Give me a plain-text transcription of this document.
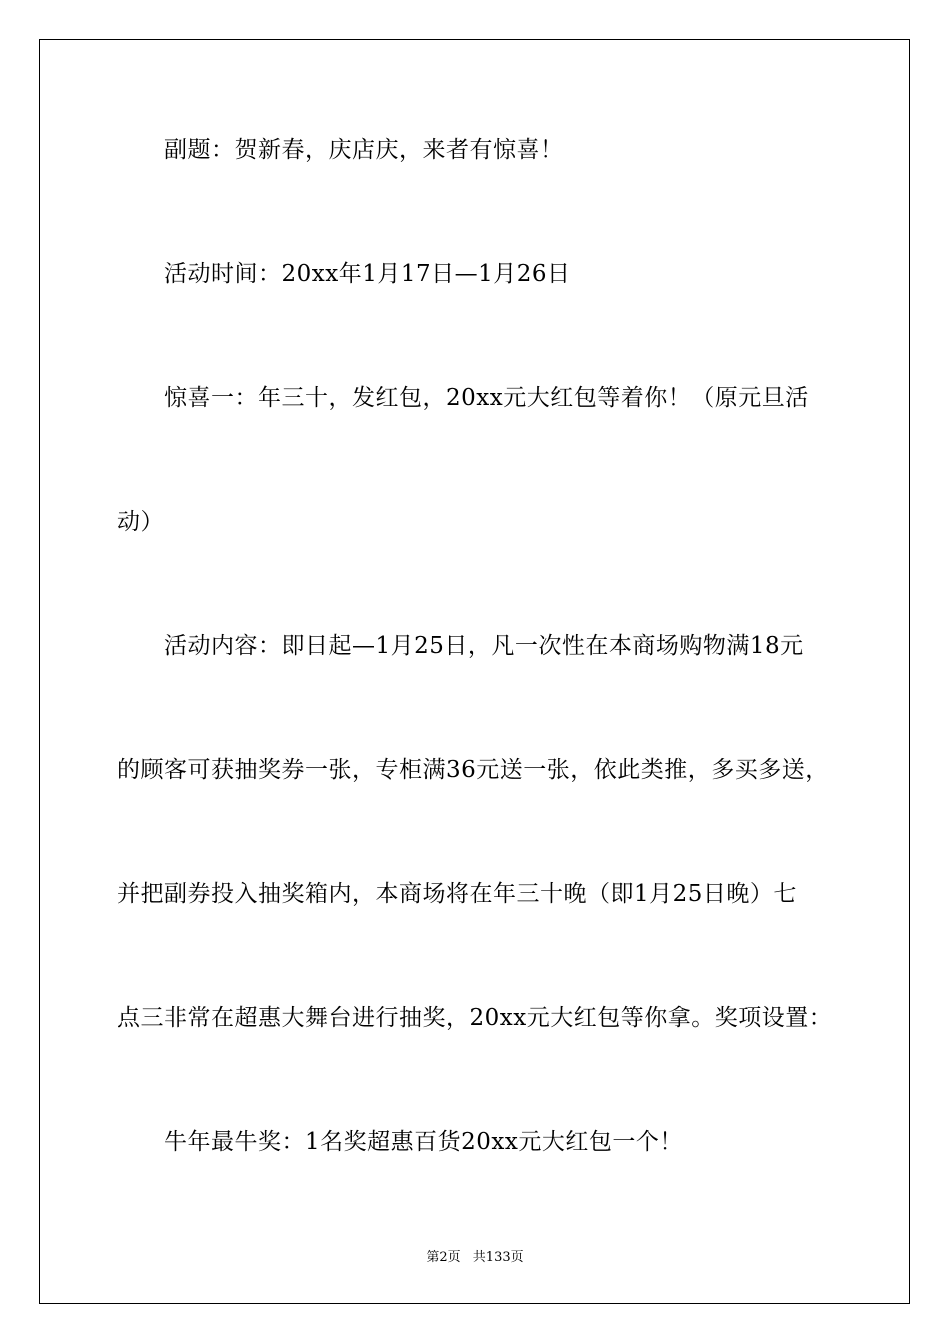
副题：贺新春，庆店庆，来者有惊喜！
活动时间：20xx年1月17日—1月26日
惊喜一：年三十，发红包，20xx元大红包等着你！（原元旦活
动）
活动内容：即日起—1月25日，凡一次性在本商场购物满18元
的顾客可获抽奖券一张，专柜满36元送一张，依此类推，多买多送，
并把副券投入抽奖箱内，本商场将在年三十晚（即1月25日晚）七
点三非常在超惠大舞台进行抽奖，20xx元大红包等你拿。奖项设置：
牛年最牛奖：1名奖超惠百货20xx元大红包一个！
第2页 共133页
